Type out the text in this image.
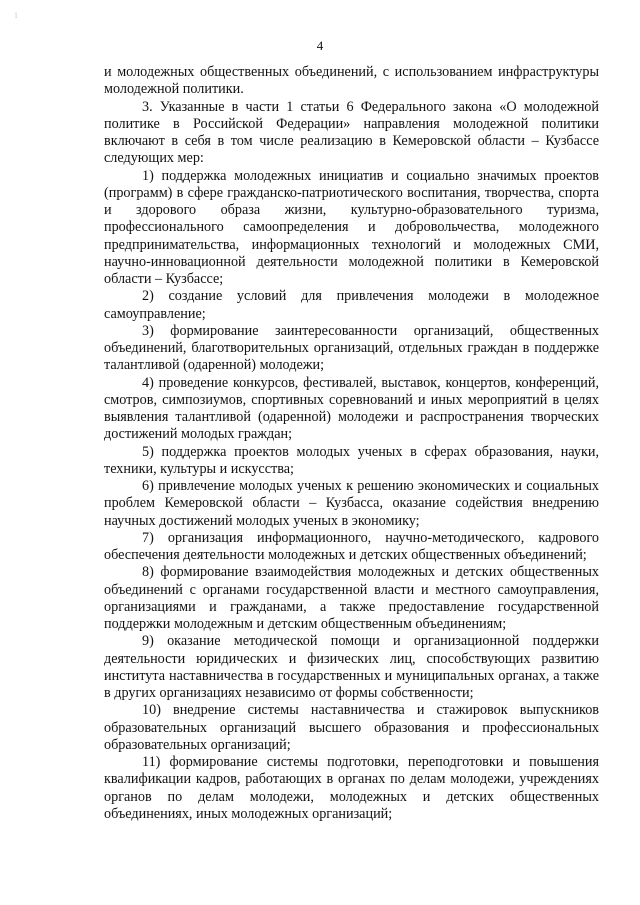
1
4

и молодежных общественных объединений, с использованием инфраструктуры молодежной политики.

3. Указанные в части 1 статьи 6 Федерального закона «О молодежной политике в Российской Федерации» направления молодежной политики включают в себя в том числе реализацию в Кемеровской области – Кузбассе следующих мер:

1) поддержка молодежных инициатив и социально значимых проектов (программ) в сфере гражданско-патриотического воспитания, творчества, спорта и здорового образа жизни, культурно-образовательного туризма, профессионального самоопределения и добровольчества, молодежного предпринимательства, информационных технологий и молодежных СМИ, научно-инновационной деятельности молодежной политики в Кемеровской области – Кузбассе;

2) создание условий для привлечения молодежи в молодежное самоуправление;

3) формирование заинтересованности организаций, общественных объединений, благотворительных организаций, отдельных граждан в поддержке талантливой (одаренной) молодежи;

4) проведение конкурсов, фестивалей, выставок, концертов, конференций, смотров, симпозиумов, спортивных соревнований и иных мероприятий в целях выявления талантливой (одаренной) молодежи и распространения творческих достижений молодых граждан;

5) поддержка проектов молодых ученых в сферах образования, науки, техники, культуры и искусства;

6) привлечение молодых ученых к решению экономических и социальных проблем Кемеровской области – Кузбасса, оказание содействия внедрению научных достижений молодых ученых в экономику;

7) организация информационного, научно-методического, кадрового обеспечения деятельности молодежных и детских общественных объединений;

8) формирование взаимодействия молодежных и детских общественных объединений с органами государственной власти и местного самоуправления, организациями и гражданами, а также предоставление государственной поддержки молодежным и детским общественным объединениям;

9) оказание методической помощи и организационной поддержки деятельности юридических и физических лиц, способствующих развитию института наставничества в государственных и муниципальных органах, а также в других организациях независимо от формы собственности;

10) внедрение системы наставничества и стажировок выпускников образовательных организаций высшего образования и профессиональных образовательных организаций;

11) формирование системы подготовки, переподготовки и повышения квалификации кадров, работающих в органах по делам молодежи, учреждениях органов по делам молодежи, молодежных и детских общественных объединениях, иных молодежных организаций;
